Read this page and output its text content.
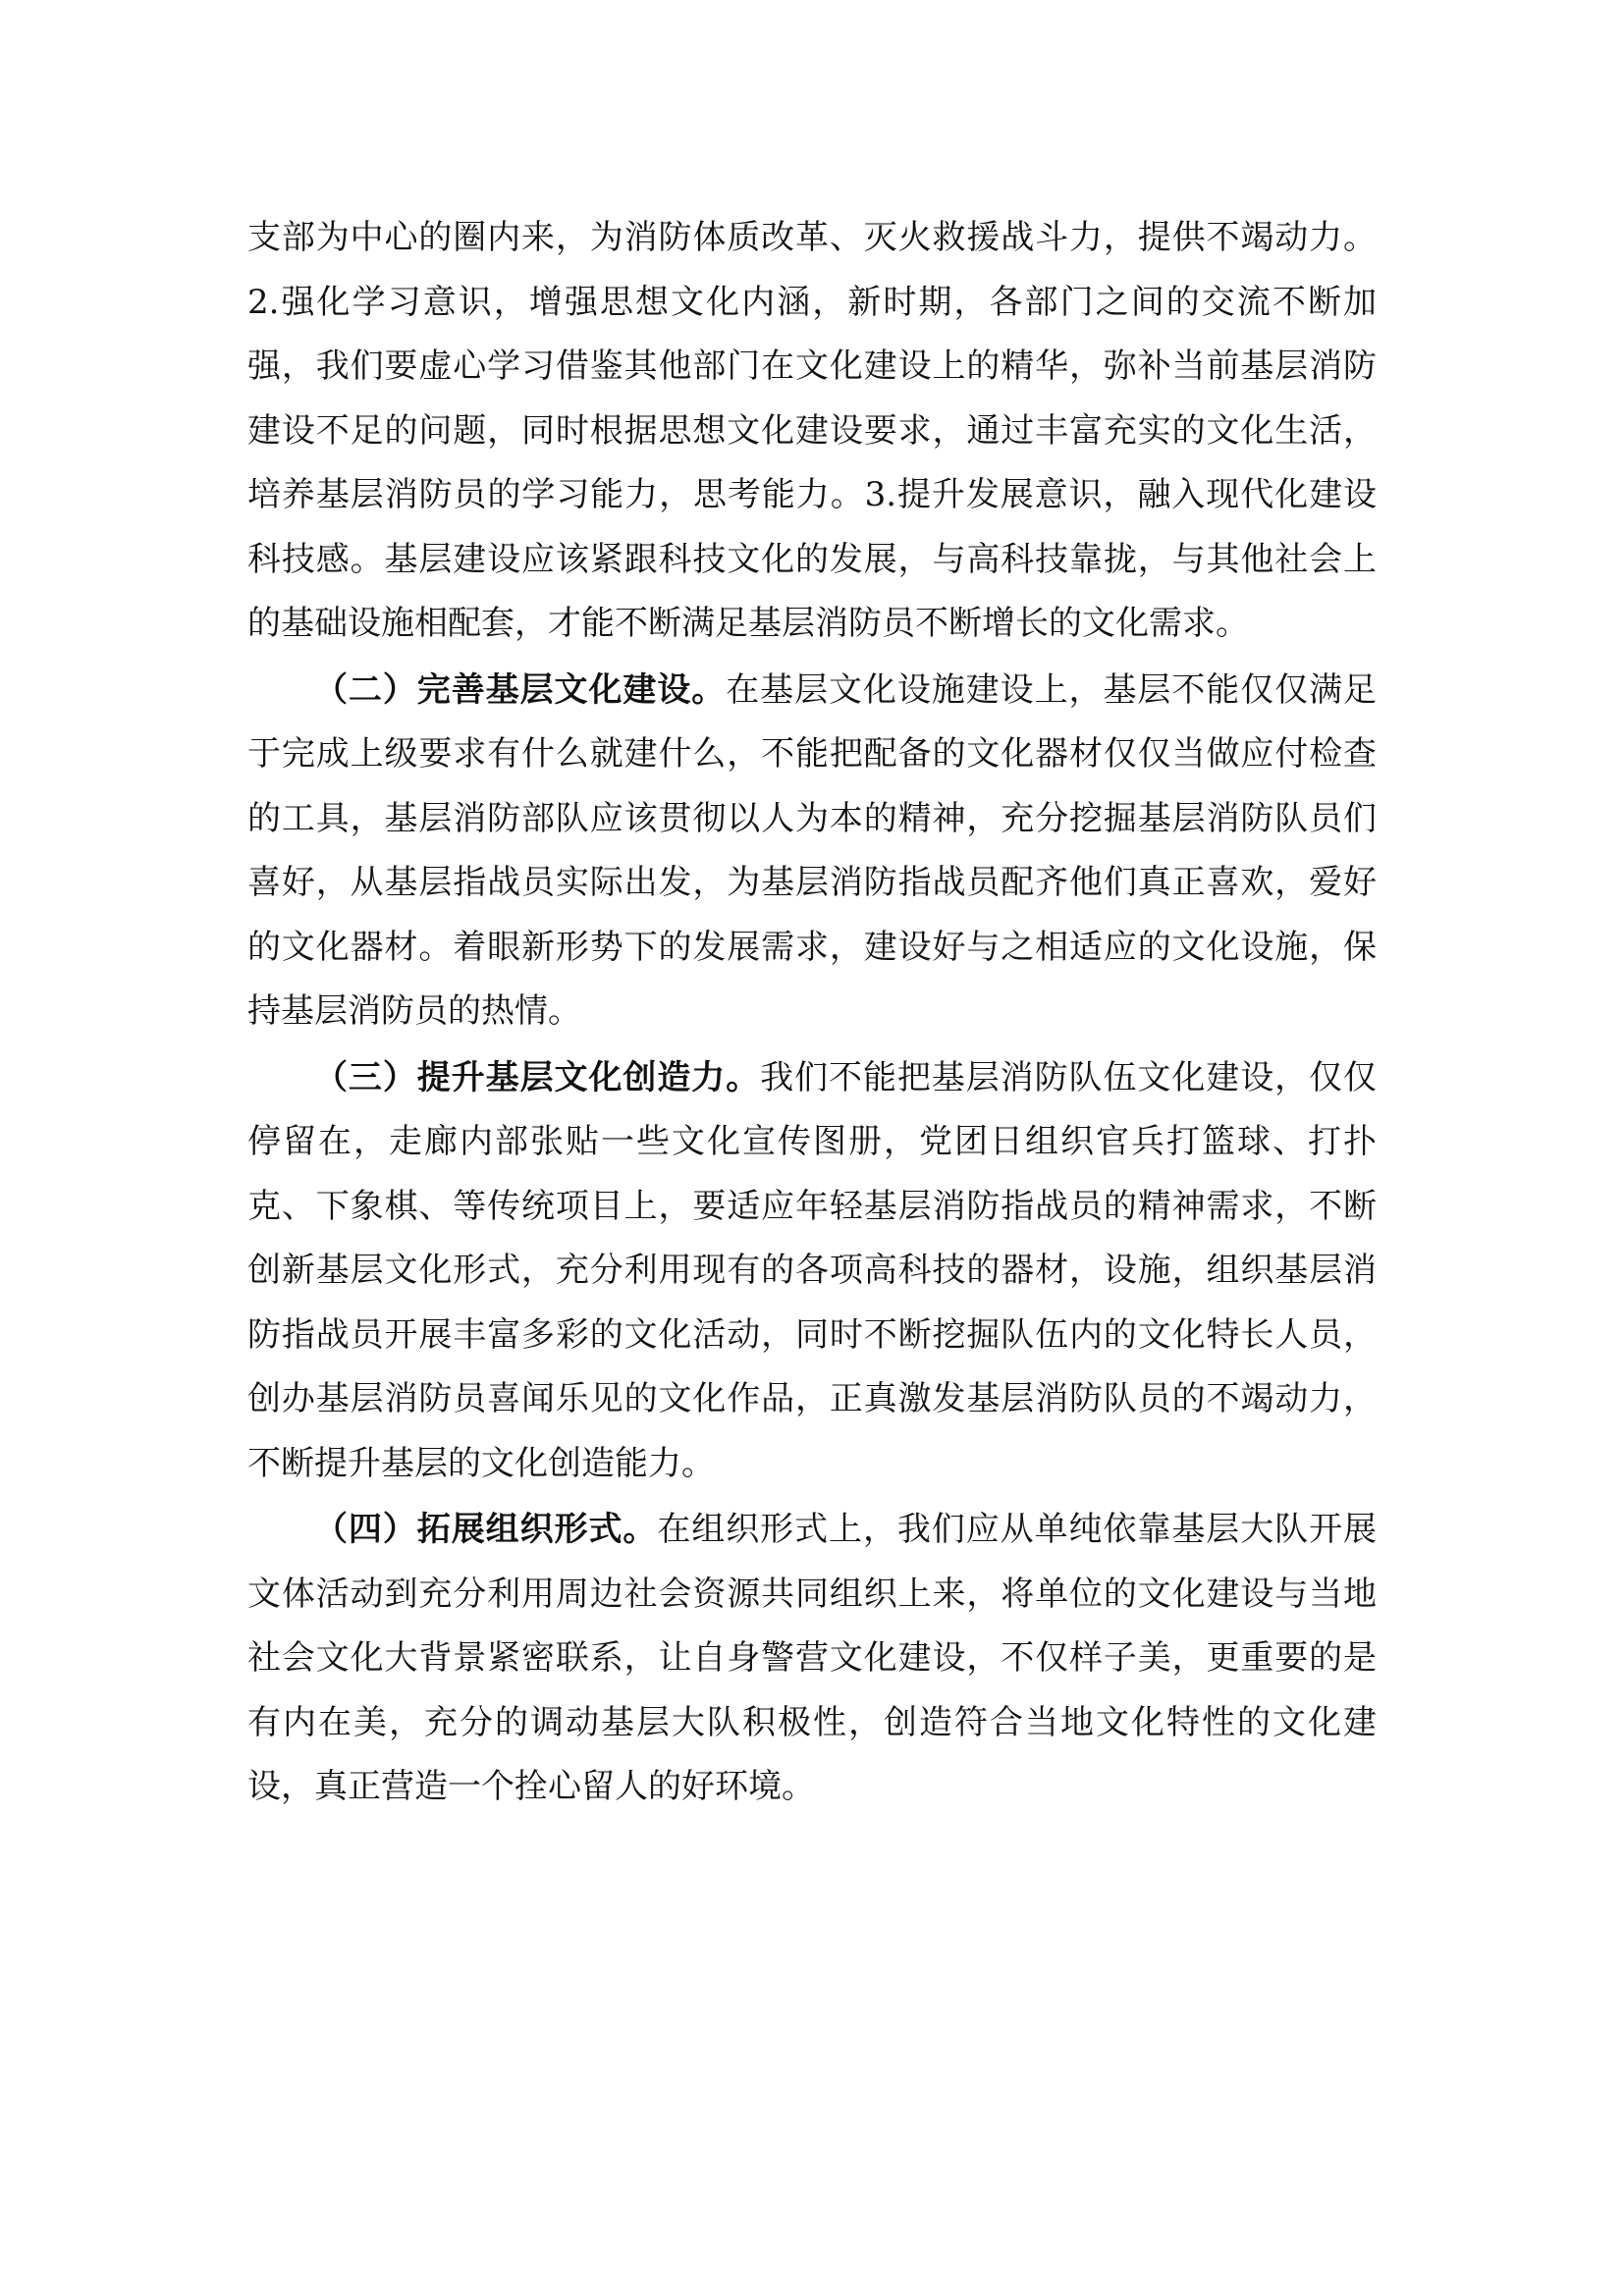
支部为中心的圈内来，为消防体质改革、灭火救援战斗力，提供不竭动力。2.强化学习意识，增强思想文化内涵，新时期，各部门之间的交流不断加强，我们要虚心学习借鉴其他部门在文化建设上的精华，弥补当前基层消防建设不足的问题，同时根据思想文化建设要求，通过丰富充实的文化生活，培养基层消防员的学习能力，思考能力。3.提升发展意识，融入现代化建设科技感。基层建设应该紧跟科技文化的发展，与高科技靠拢，与其他社会上的基础设施相配套，才能不断满足基层消防员不断增长的文化需求。

（二）完善基层文化建设。在基层文化设施建设上，基层不能仅仅满足于完成上级要求有什么就建什么，不能把配备的文化器材仅仅当做应付检查的工具，基层消防部队应该贯彻以人为本的精神，充分挖掘基层消防队员们喜好，从基层指战员实际出发，为基层消防指战员配齐他们真正喜欢，爱好的文化器材。着眼新形势下的发展需求，建设好与之相适应的文化设施，保持基层消防员的热情。

（三）提升基层文化创造力。我们不能把基层消防队伍文化建设，仅仅停留在，走廊内部张贴一些文化宣传图册，党团日组织官兵打篮球、打扑克、下象棋、等传统项目上，要适应年轻基层消防指战员的精神需求，不断创新基层文化形式，充分利用现有的各项高科技的器材，设施，组织基层消防指战员开展丰富多彩的文化活动，同时不断挖掘队伍内的文化特长人员，创办基层消防员喜闻乐见的文化作品，正真激发基层消防队员的不竭动力，不断提升基层的文化创造能力。

（四）拓展组织形式。在组织形式上，我们应从单纯依靠基层大队开展文体活动到充分利用周边社会资源共同组织上来，将单位的文化建设与当地社会文化大背景紧密联系，让自身警营文化建设，不仅样子美，更重要的是有内在美，充分的调动基层大队积极性，创造符合当地文化特性的文化建设，真正营造一个拴心留人的好环境。
